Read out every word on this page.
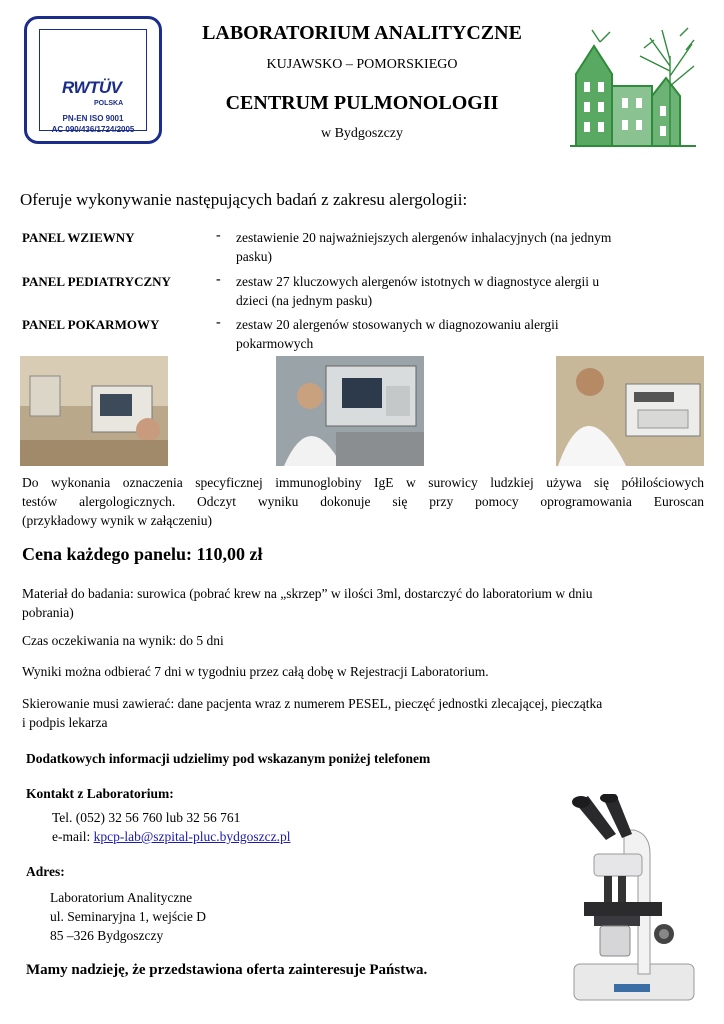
RWTÜV
POLSKA
PN-EN ISO 9001
AC 090/436/1724/2005
LABORATORIUM ANALITYCZNE
KUJAWSKO – POMORSKIEGO
CENTRUM PULMONOLOGII
w Bydgoszczy
Oferuje wykonywanie następujących badań z zakresu alergologii:
PANEL WZIEWNY	- zestawienie 20 najważniejszych alergenów inhalacyjnych (na jednym
pasku)
PANEL PEDIATRYCZNY	- zestaw 27 kluczowych alergenów istotnych w diagnostyce alergii u
dzieci (na jednym pasku)
PANEL POKARMOWY	- zestaw 20 alergenów stosowanych w diagnozowaniu alergii
pokarmowych
Do wykonania oznaczenia specyficznej immunoglobiny IgE w surowicy ludzkiej używa się półilościowych
testów alergologicznych. Odczyt wyniku dokonuje się przy pomocy oprogramowania Euroscan
(przykładowy wynik w załączeniu)
Cena każdego panelu: 110,00 zł
Materiał do badania: surowica (pobrać krew na „skrzep” w ilości 3ml, dostarczyć do laboratorium w dniu
pobrania)
Czas oczekiwania na wynik: do 5 dni
Wyniki można odbierać 7 dni w tygodniu przez całą dobę w Rejestracji Laboratorium.
Skierowanie musi zawierać: dane pacjenta wraz z numerem PESEL, pieczęć jednostki zlecającej, pieczątka
i podpis lekarza
Dodatkowych informacji udzielimy pod wskazanym poniżej telefonem
Kontakt z Laboratorium:
Tel. (052) 32 56 760 lub 32 56 761
e-mail: kpcp-lab@szpital-pluc.bydgoszcz.pl
Adres:
Laboratorium Analityczne
ul. Seminaryjna 1, wejście D
85 –326 Bydgoszczy
Mamy nadzieję, że przedstawiona oferta zainteresuje Państwa.
